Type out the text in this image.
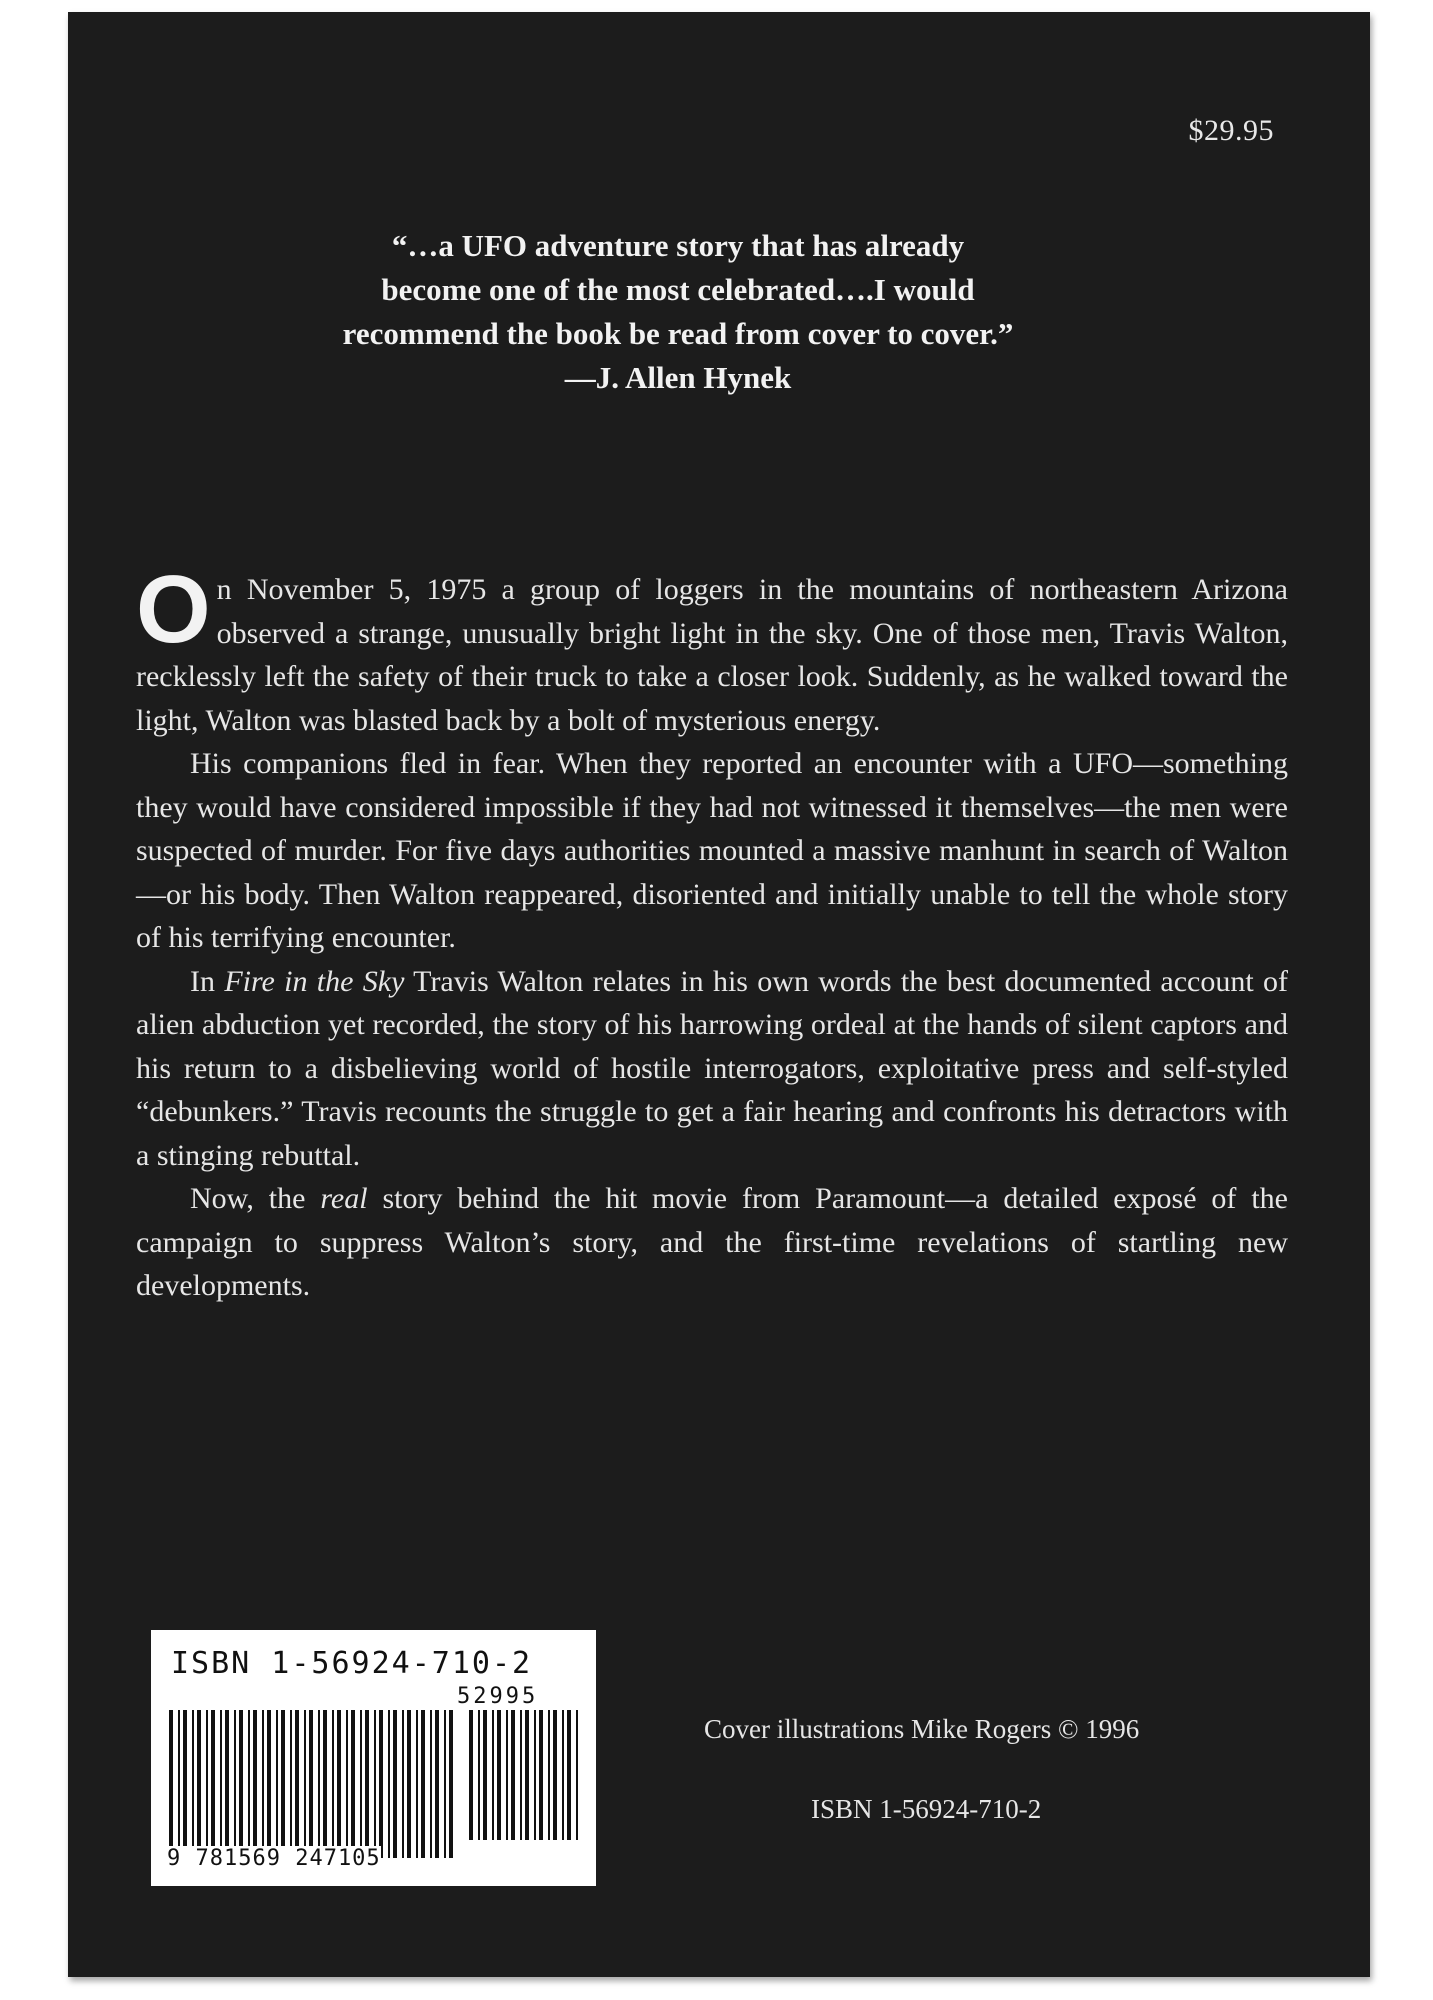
$29.95
“…a UFO adventure story that has already
become one of the most celebrated….I would
recommend the book be read from cover to cover.”
—J. Allen Hynek

On November 5, 1975 a group of loggers in the mountains of northeastern Arizona observed a strange, unusually bright light in the sky. One of those men, Travis Walton, recklessly left the safety of their truck to take a closer look. Suddenly, as he walked toward the light, Walton was blasted back by a bolt of mysterious energy.

His companions fled in fear. When they reported an encounter with a UFO—something they would have considered impossible if they had not witnessed it themselves—the men were suspected of murder. For five days authorities mounted a massive manhunt in search of Walton—or his body. Then Walton reappeared, disoriented and initially unable to tell the whole story of his terrifying encounter.

In Fire in the Sky Travis Walton relates in his own words the best documented account of alien abduction yet recorded, the story of his harrowing ordeal at the hands of silent captors and his return to a disbelieving world of hostile interrogators, exploitative press and self-styled “debunkers.” Travis recounts the struggle to get a fair hearing and confronts his detractors with a stinging rebuttal.

Now, the real story behind the hit movie from Paramount—a detailed exposé of the campaign to suppress Walton’s story, and the first-time revelations of startling new developments.

ISBN 1-56924-710-2
52995
9 781569 247105
Cover illustrations Mike Rogers © 1996
ISBN 1-56924-710-2
